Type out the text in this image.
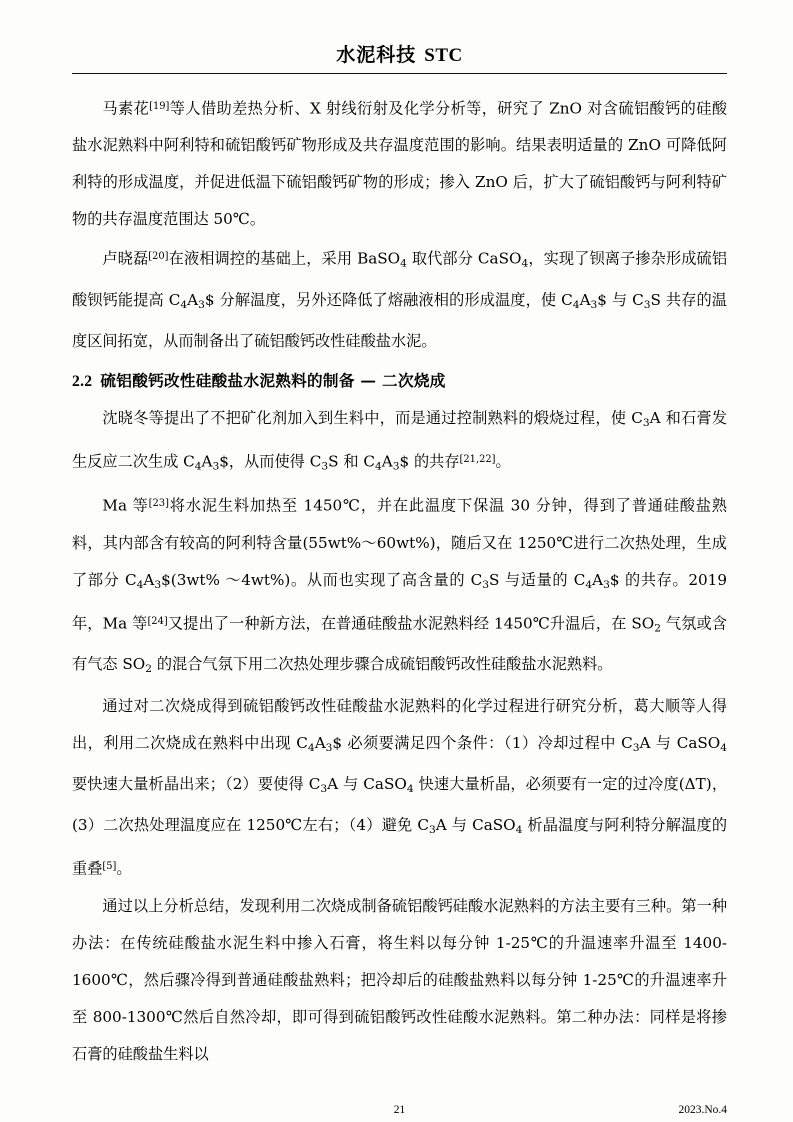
水泥科技 STC

马素花[19]等人借助差热分析、X 射线衍射及化学分析等，研究了 ZnO 对含硫铝酸钙的硅酸盐水泥熟料中阿利特和硫铝酸钙矿物形成及共存温度范围的影响。结果表明适量的 ZnO 可降低阿利特的形成温度，并促进低温下硫铝酸钙矿物的形成；掺入 ZnO 后，扩大了硫铝酸钙与阿利特矿物的共存温度范围达 50℃。

卢晓磊[20]在液相调控的基础上，采用 BaSO$_4$ 取代部分 CaSO$_4$，实现了钡离子掺杂形成硫铝酸钡钙能提高 $C_4A_3\$$ 分解温度，另外还降低了熔融液相的形成温度，使 $C_4A_3\$$ 与 $C_3S$ 共存的温度区间拓宽，从而制备出了硫铝酸钙改性硅酸盐水泥。

2.2 硫铝酸钙改性硅酸盐水泥熟料的制备 — 二次烧成

沈晓冬等提出了不把矿化剂加入到生料中，而是通过控制熟料的煅烧过程，使 $C_3A$ 和石膏发生反应二次生成 $C_4A_3\$$，从而使得 $C_3S$ 和 $C_4A_3\$$ 的共存[21,22]。

Ma 等[23]将水泥生料加热至 1450℃，并在此温度下保温 30 分钟，得到了普通硅酸盐熟料，其内部含有较高的阿利特含量(55wt%～60wt%)，随后又在 1250℃进行二次热处理，生成了部分 $C_4A_3\$(3wt\%$ ～4wt%)。从而也实现了高含量的 $C_3S$ 与适量的 $C_4A_3\$$ 的共存。2019 年，Ma 等[24]又提出了一种新方法，在普通硅酸盐水泥熟料经 1450℃升温后，在 $SO_2$ 气氛或含有气态 $SO_2$ 的混合气氛下用二次热处理步骤合成硫铝酸钙改性硅酸盐水泥熟料。

通过对二次烧成得到硫铝酸钙改性硅酸盐水泥熟料的化学过程进行研究分析，葛大顺等人得出，利用二次烧成在熟料中出现 $C_4A_3\$$ 必须要满足四个条件：（1）冷却过程中 $C_3A$ 与 CaSO$_4$ 要快速大量析晶出来；（2）要使得 $C_3A$ 与 CaSO$_4$ 快速大量析晶，必须要有一定的过冷度(ΔT)，(3）二次热处理温度应在 1250℃左右；（4）避免 $C_3A$ 与 CaSO$_4$ 析晶温度与阿利特分解温度的重叠[5]。

通过以上分析总结，发现利用二次烧成制备硫铝酸钙硅酸水泥熟料的方法主要有三种。第一种办法：在传统硅酸盐水泥生料中掺入石膏，将生料以每分钟 1-25℃的升温速率升温至 1400-1600℃，然后骤冷得到普通硅酸盐熟料；把冷却后的硅酸盐熟料以每分钟 1-25℃的升温速率升至 800-1300℃然后自然冷却，即可得到硫铝酸钙改性硅酸水泥熟料。第二种办法：同样是将掺石膏的硅酸盐生料以

21	2023.No.4
